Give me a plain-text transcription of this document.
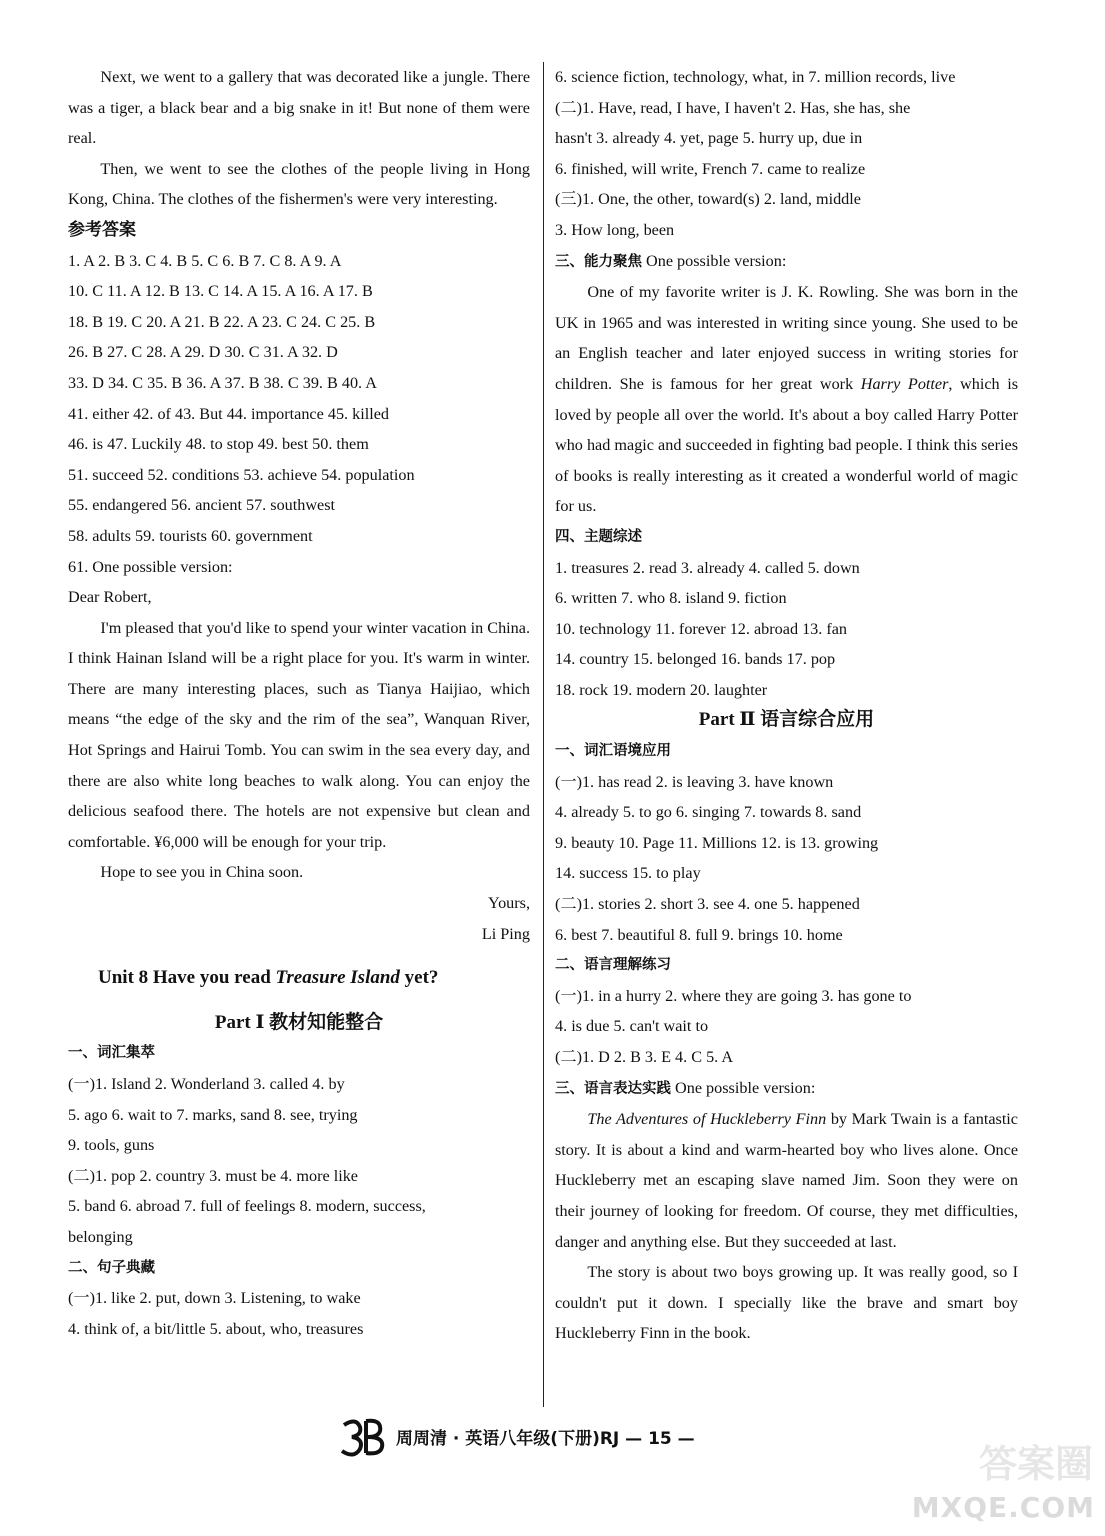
Next, we went to a gallery that was decorated like a jungle. There was a tiger, a black bear and a big snake in it! But none of them were real.

Then, we went to see the clothes of the people living in Hong Kong, China. The clothes of the fishermen's were very interesting.

参考答案

1. A 2. B 3. C 4. B 5. C 6. B 7. C 8. A 9. A

10. C 11. A 12. B 13. C 14. A 15. A 16. A 17. B

18. B 19. C 20. A 21. B 22. A 23. C 24. C 25. B

26. B 27. C 28. A 29. D 30. C 31. A 32. D

33. D 34. C 35. B 36. A 37. B 38. C 39. B 40. A

41. either 42. of 43. But 44. importance 45. killed

46. is 47. Luckily 48. to stop 49. best 50. them

51. succeed 52. conditions 53. achieve 54. population

55. endangered 56. ancient 57. southwest

58. adults 59. tourists 60. government

61. One possible version:

Dear Robert,

I'm pleased that you'd like to spend your winter vacation in China. I think Hainan Island will be a right place for you. It's warm in winter. There are many interesting places, such as Tianya Haijiao, which means “the edge of the sky and the rim of the sea”, Wanquan River, Hot Springs and Hairui Tomb. You can swim in the sea every day, and there are also white long beaches to walk along. You can enjoy the delicious seafood there. The hotels are not expensive but clean and comfortable. ¥6,000 will be enough for your trip.

Hope to see you in China soon.

Yours,

Li Ping

Unit 8 Have you read Treasure Island yet?

Part Ⅰ 教材知能整合

一、词汇集萃

(一)1. Island 2. Wonderland 3. called 4. by

5. ago 6. wait to 7. marks, sand 8. see, trying

9. tools, guns

(二)1. pop 2. country 3. must be 4. more like

5. band 6. abroad 7. full of feelings 8. modern, success,

belonging

二、句子典藏

(一)1. like 2. put, down 3. Listening, to wake

4. think of, a bit/little 5. about, who, treasures

6. science fiction, technology, what, in 7. million records, live

(二)1. Have, read, I have, I haven't 2. Has, she has, she

hasn't 3. already 4. yet, page 5. hurry up, due in

6. finished, will write, French 7. came to realize

(三)1. One, the other, toward(s) 2. land, middle

3. How long, been

三、能力聚焦 One possible version:

One of my favorite writer is J. K. Rowling. She was born in the UK in 1965 and was interested in writing since young. She used to be an English teacher and later enjoyed success in writing stories for children. She is famous for her great work Harry Potter, which is loved by people all over the world. It's about a boy called Harry Potter who had magic and succeeded in fighting bad people. I think this series of books is really interesting as it created a wonderful world of magic for us.

四、主题综述

1. treasures 2. read 3. already 4. called 5. down

6. written 7. who 8. island 9. fiction

10. technology 11. forever 12. abroad 13. fan

14. country 15. belonged 16. bands 17. pop

18. rock 19. modern 20. laughter

Part Ⅱ 语言综合应用

一、词汇语境应用

(一)1. has read 2. is leaving 3. have known

4. already 5. to go 6. singing 7. towards 8. sand

9. beauty 10. Page 11. Millions 12. is 13. growing

14. success 15. to play

(二)1. stories 2. short 3. see 4. one 5. happened

6. best 7. beautiful 8. full 9. brings 10. home

二、语言理解练习

(一)1. in a hurry 2. where they are going 3. has gone to

4. is due 5. can't wait to

(二)1. D 2. B 3. E 4. C 5. A

三、语言表达实践 One possible version:

The Adventures of Huckleberry Finn by Mark Twain is a fantastic story. It is about a kind and warm-hearted boy who lives alone. Once Huckleberry met an escaping slave named Jim. Soon they were on their journey of looking for freedom. Of course, they met difficulties, danger and anything else. But they succeeded at last.

The story is about two boys growing up. It was really good, so I couldn't put it down. I specially like the brave and smart boy Huckleberry Finn in the book.

周周清 · 英语八年级(下册)RJ — 15 —
答案圈
MXQE.COM
